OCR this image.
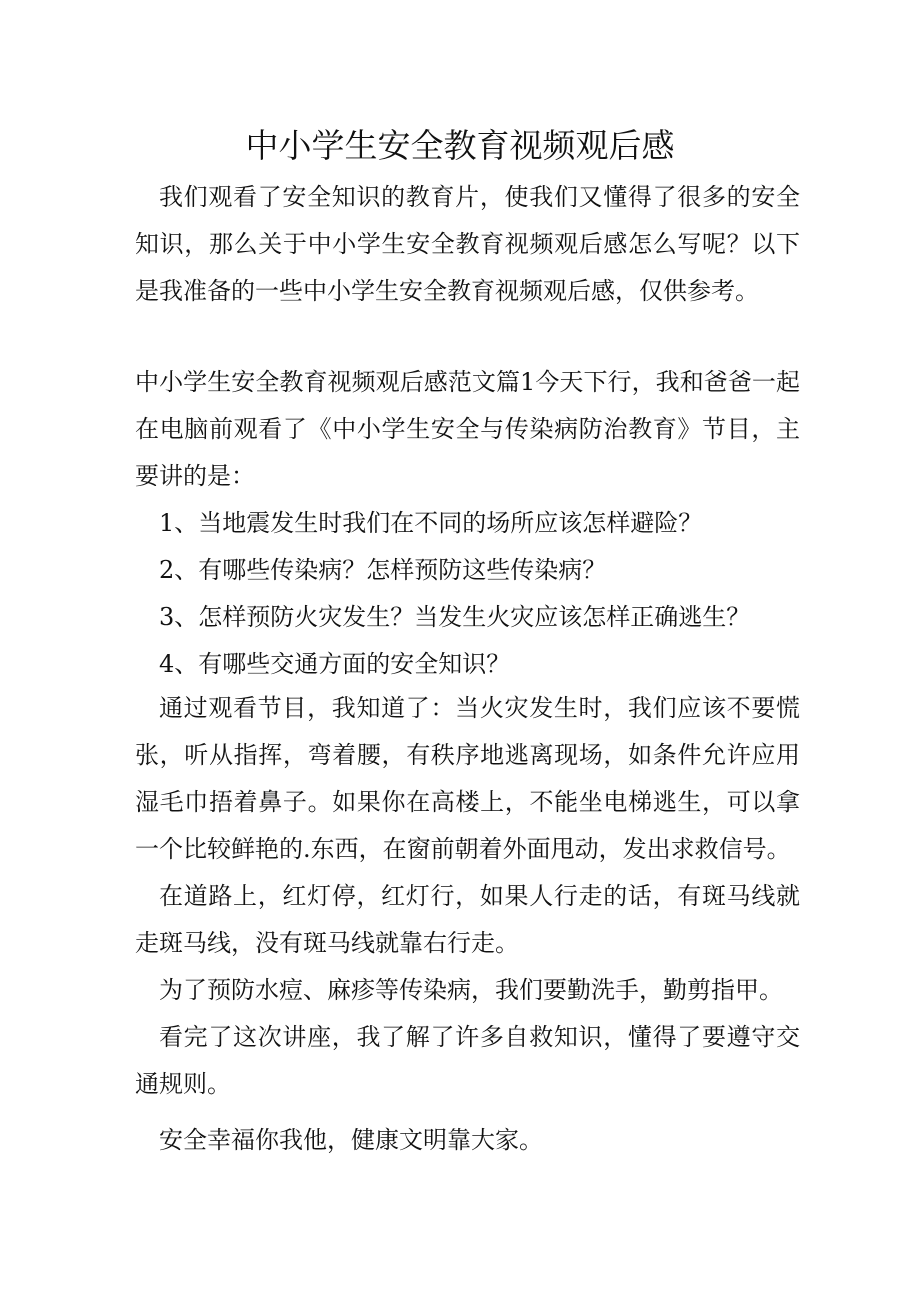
中小学生安全教育视频观后感

我们观看了安全知识的教育片，使我们又懂得了很多的安全知识，那么关于中小学生安全教育视频观后感怎么写呢？以下是我准备的一些中小学生安全教育视频观后感，仅供参考。

中小学生安全教育视频观后感范文篇1今天下行，我和爸爸一起在电脑前观看了《中小学生安全与传染病防治教育》节目，主要讲的是：

1、当地震发生时我们在不同的场所应该怎样避险？

2、有哪些传染病？怎样预防这些传染病？

3、怎样预防火灾发生？当发生火灾应该怎样正确逃生？

4、有哪些交通方面的安全知识？

通过观看节目，我知道了：当火灾发生时，我们应该不要慌张，听从指挥，弯着腰，有秩序地逃离现场，如条件允许应用湿毛巾捂着鼻子。如果你在高楼上，不能坐电梯逃生，可以拿一个比较鲜艳的.东西，在窗前朝着外面甩动，发出求救信号。

在道路上，红灯停，红灯行，如果人行走的话，有斑马线就走斑马线，没有斑马线就靠右行走。

为了预防水痘、麻疹等传染病，我们要勤洗手，勤剪指甲。

看完了这次讲座，我了解了许多自救知识，懂得了要遵守交通规则。

安全幸福你我他，健康文明靠大家。
